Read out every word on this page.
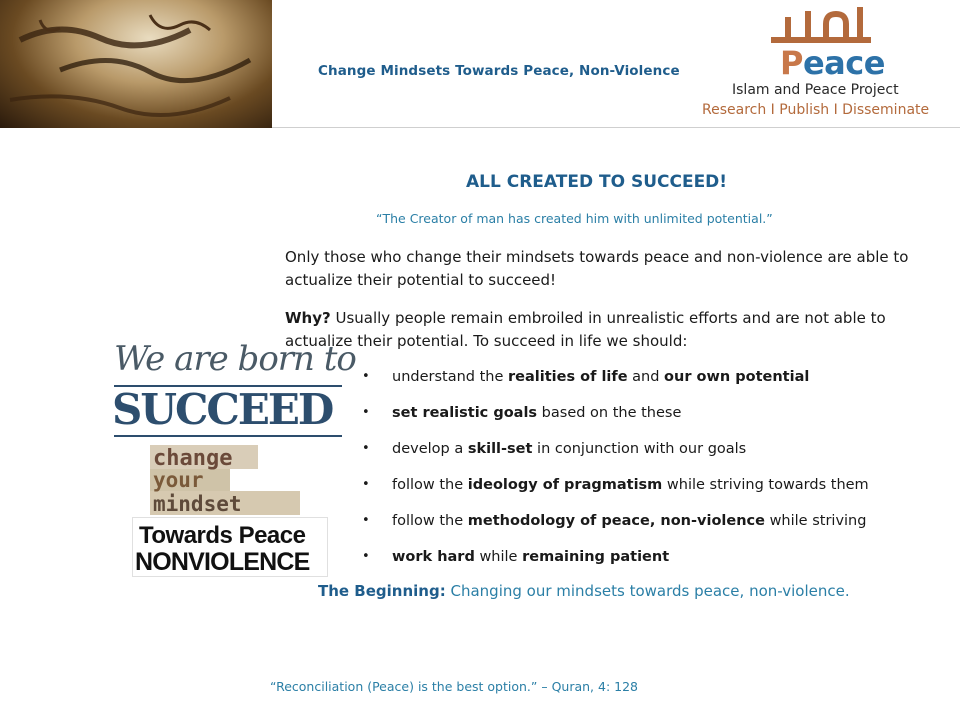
Change Mindsets Towards Peace, Non-Violence	Peace
Islam and Peace Project
Research I Publish I Disseminate
ALL CREATED TO SUCCEED!
“The Creator of man has created him with unlimited potential.”

Only those who change their mindsets towards peace and non-violence are able to actualize their potential to succeed!

Why? Usually people remain embroiled in unrealistic efforts and are not able to actualize their potential. To succeed in life we should:

• understand the realities of life and our own potential
• set realistic goals based on the these
• develop a skill-set in conjunction with our goals
• follow the ideology of pragmatism while striving towards them
• follow the methodology of peace, non-violence while striving
• work hard while remaining patient
The Beginning: Changing our mindsets towards peace, non-violence.
We are born to
SUCCEED
change
your
mindset
Towards Peace
NONVIOLENCE
“Reconciliation (Peace) is the best option.” – Quran, 4: 128
